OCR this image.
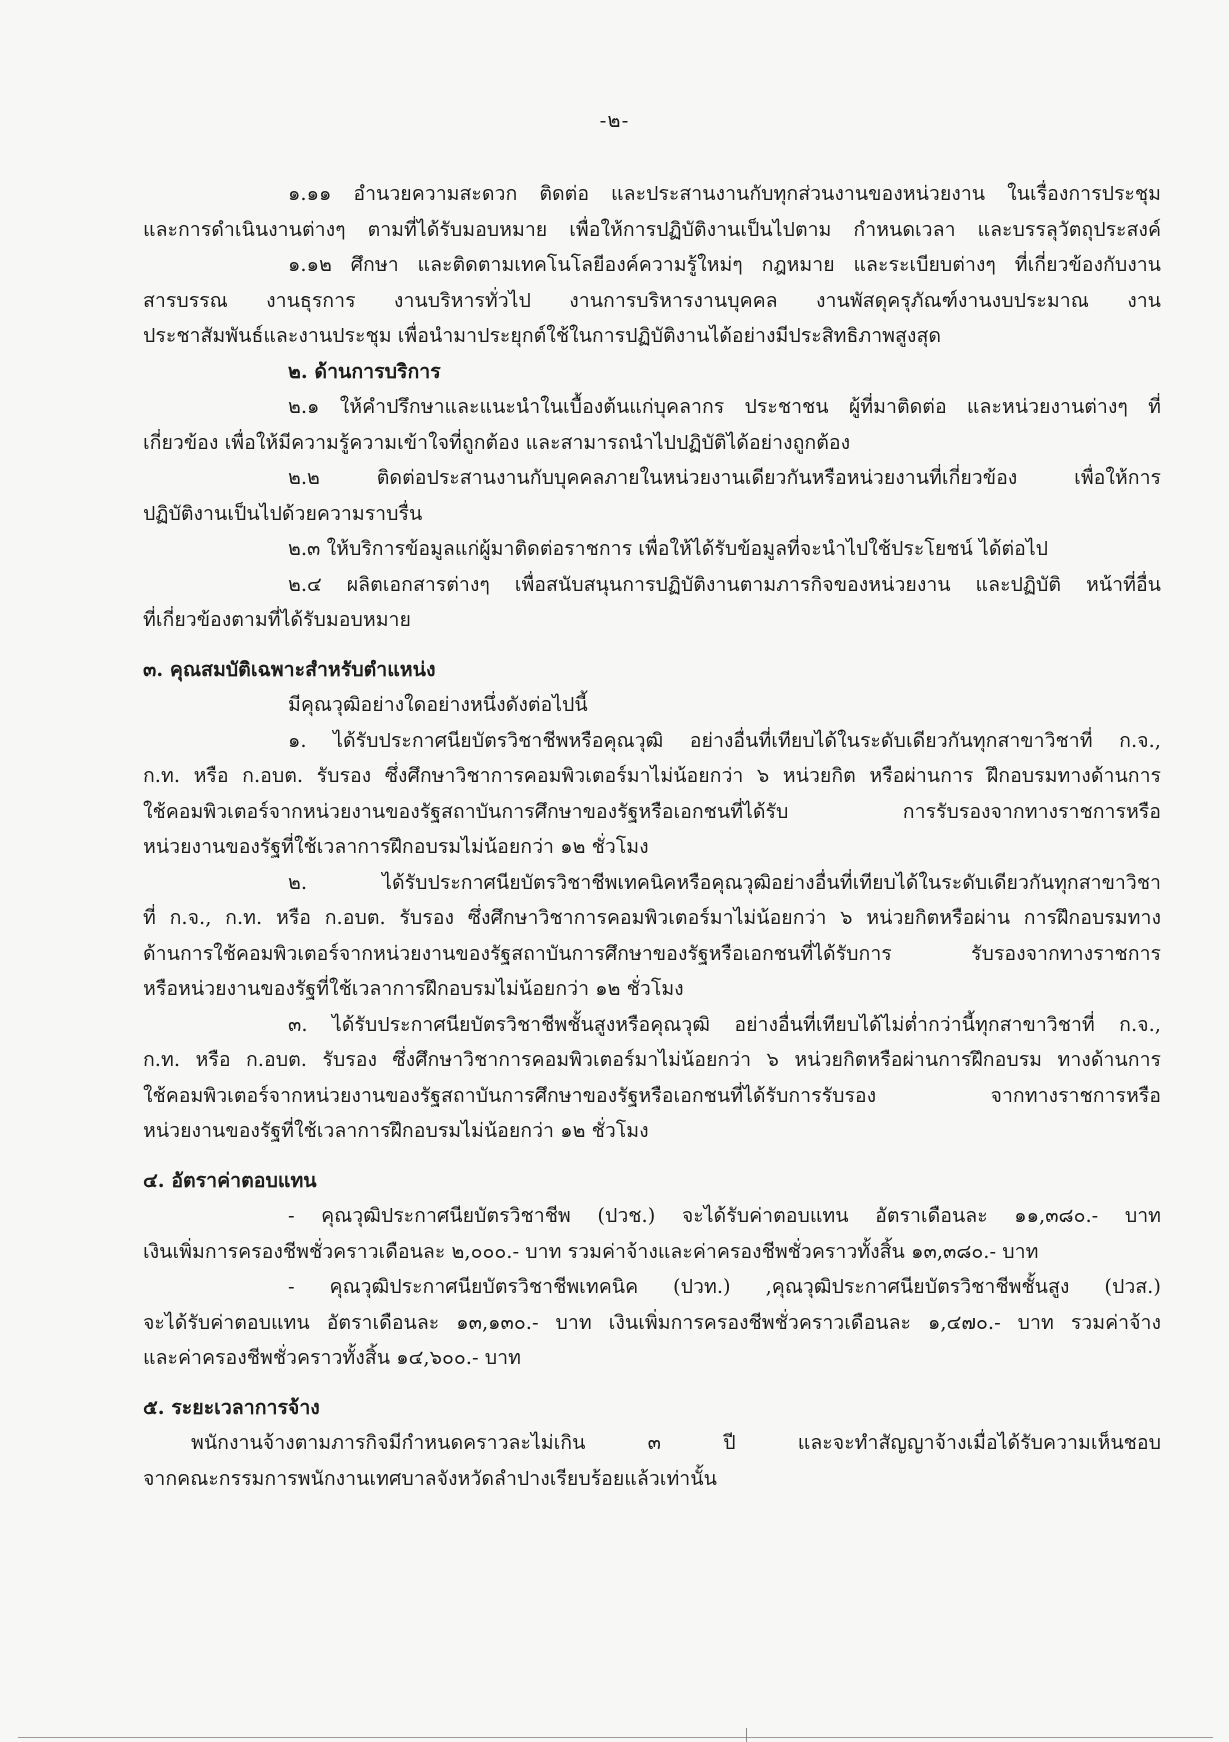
-๒-
๑.๑๑ อำนวยความสะดวก ติดต่อ และประสานงานกับทุกส่วนงานของหน่วยงาน ในเรื่องการประชุม
และการดำเนินงานต่างๆ ตามที่ได้รับมอบหมาย เพื่อให้การปฏิบัติงานเป็นไปตาม กำหนดเวลา และบรรลุวัตถุประสงค์
๑.๑๒ ศึกษา และติดตามเทคโนโลยีองค์ความรู้ใหม่ๆ กฎหมาย และระเบียบต่างๆ ที่เกี่ยวข้องกับงาน
สารบรรณ งานธุรการ งานบริหารทั่วไป งานการบริหารงานบุคคล งานพัสดุครุภัณฑ์งานงบประมาณ งาน
ประชาสัมพันธ์และงานประชุม เพื่อนำมาประยุกต์ใช้ในการปฏิบัติงานได้อย่างมีประสิทธิภาพสูงสุด
๒. ด้านการบริการ
๒.๑ ให้คำปรึกษาและแนะนำในเบื้องต้นแก่บุคลากร ประชาชน ผู้ที่มาติดต่อ และหน่วยงานต่างๆ ที่
เกี่ยวข้อง เพื่อให้มีความรู้ความเข้าใจที่ถูกต้อง และสามารถนำไปปฏิบัติได้อย่างถูกต้อง
๒.๒ ติดต่อประสานงานกับบุคคลภายในหน่วยงานเดียวกันหรือหน่วยงานที่เกี่ยวข้อง เพื่อให้การ
ปฏิบัติงานเป็นไปด้วยความราบรื่น
๒.๓ ให้บริการข้อมูลแก่ผู้มาติดต่อราชการ เพื่อให้ได้รับข้อมูลที่จะนำไปใช้ประโยชน์ ได้ต่อไป
๒.๔ ผลิตเอกสารต่างๆ เพื่อสนับสนุนการปฏิบัติงานตามภารกิจของหน่วยงาน และปฏิบัติ หน้าที่อื่น
ที่เกี่ยวข้องตามที่ได้รับมอบหมาย
๓. คุณสมบัติเฉพาะสำหรับตำแหน่ง
มีคุณวุฒิอย่างใดอย่างหนึ่งดังต่อไปนี้
๑. ได้รับประกาศนียบัตรวิชาชีพหรือคุณวุฒิ อย่างอื่นที่เทียบได้ในระดับเดียวกันทุกสาขาวิชาที่ ก.จ.,
ก.ท. หรือ ก.อบต. รับรอง ซึ่งศึกษาวิชาการคอมพิวเตอร์มาไม่น้อยกว่า ๖ หน่วยกิต หรือผ่านการ ฝึกอบรมทางด้านการ
ใช้คอมพิวเตอร์จากหน่วยงานของรัฐสถาบันการศึกษาของรัฐหรือเอกชนที่ได้รับ การรับรองจากทางราชการหรือ
หน่วยงานของรัฐที่ใช้เวลาการฝึกอบรมไม่น้อยกว่า ๑๒ ชั่วโมง
๒. ได้รับประกาศนียบัตรวิชาชีพเทคนิคหรือคุณวุฒิอย่างอื่นที่เทียบได้ในระดับเดียวกันทุกสาขาวิชา
ที่ ก.จ., ก.ท. หรือ ก.อบต. รับรอง ซึ่งศึกษาวิชาการคอมพิวเตอร์มาไม่น้อยกว่า ๖ หน่วยกิตหรือผ่าน การฝึกอบรมทาง
ด้านการใช้คอมพิวเตอร์จากหน่วยงานของรัฐสถาบันการศึกษาของรัฐหรือเอกชนที่ได้รับการ รับรองจากทางราชการ
หรือหน่วยงานของรัฐที่ใช้เวลาการฝึกอบรมไม่น้อยกว่า ๑๒ ชั่วโมง
๓. ได้รับประกาศนียบัตรวิชาชีพชั้นสูงหรือคุณวุฒิ อย่างอื่นที่เทียบได้ไม่ต่ำกว่านี้ทุกสาขาวิชาที่ ก.จ.,
ก.ท. หรือ ก.อบต. รับรอง ซึ่งศึกษาวิชาการคอมพิวเตอร์มาไม่น้อยกว่า ๖ หน่วยกิตหรือผ่านการฝึกอบรม ทางด้านการ
ใช้คอมพิวเตอร์จากหน่วยงานของรัฐสถาบันการศึกษาของรัฐหรือเอกชนที่ได้รับการรับรอง จากทางราชการหรือ
หน่วยงานของรัฐที่ใช้เวลาการฝึกอบรมไม่น้อยกว่า ๑๒ ชั่วโมง
๔. อัตราค่าตอบแทน
- คุณวุฒิประกาศนียบัตรวิชาชีพ (ปวช.) จะได้รับค่าตอบแทน อัตราเดือนละ ๑๑,๓๘๐.- บาท
เงินเพิ่มการครองชีพชั่วคราวเดือนละ ๒,๐๐๐.- บาท รวมค่าจ้างและค่าครองชีพชั่วคราวทั้งสิ้น ๑๓,๓๘๐.- บาท
- คุณวุฒิประกาศนียบัตรวิชาชีพเทคนิค (ปวท.) ,คุณวุฒิประกาศนียบัตรวิชาชีพชั้นสูง (ปวส.)
จะได้รับค่าตอบแทน อัตราเดือนละ ๑๓,๑๓๐.- บาท เงินเพิ่มการครองชีพชั่วคราวเดือนละ ๑,๔๗๐.- บาท รวมค่าจ้าง
และค่าครองชีพชั่วคราวทั้งสิ้น ๑๔,๖๐๐.- บาท
๕. ระยะเวลาการจ้าง
พนักงานจ้างตามภารกิจมีกำหนดคราวละไม่เกิน ๓ ปี และจะทำสัญญาจ้างเมื่อได้รับความเห็นชอบ
จากคณะกรรมการพนักงานเทศบาลจังหวัดลำปางเรียบร้อยแล้วเท่านั้น
